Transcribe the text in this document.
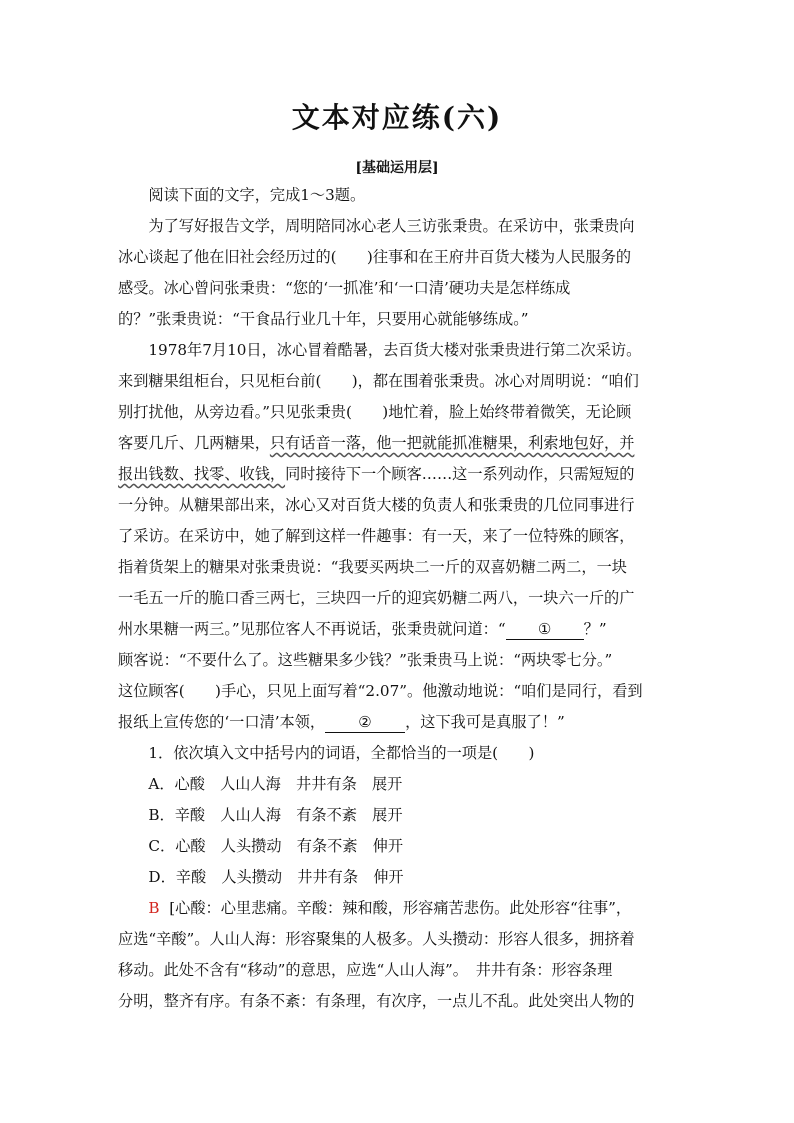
文本对应练(六)
[基础运用层]

阅读下面的文字，完成1～3题。

为了写好报告文学，周明陪同冰心老人三访张秉贵。在采访中，张秉贵向

冰心谈起了他在旧社会经历过的(　　)往事和在王府井百货大楼为人民服务的

感受。冰心曾问张秉贵：“您的‘一抓准’和‘一口清’硬功夫是怎样练成

的？”张秉贵说：“干食品行业几十年，只要用心就能够练成。”

1978年7月10日，冰心冒着酷暑，去百货大楼对张秉贵进行第二次采访。

来到糖果组柜台，只见柜台前(　　)，都在围着张秉贵。冰心对周明说：“咱们

别打扰他，从旁边看。”只见张秉贵(　　)地忙着，脸上始终带着微笑，无论顾

客要几斤、几两糖果，只有话音一落，他一把就能抓准糖果，利索地包好，并

报出钱数、找零、收钱，同时接待下一个顾客……这一系列动作，只需短短的

一分钟。从糖果部出来，冰心又对百货大楼的负责人和张秉贵的几位同事进行

了采访。在采访中，她了解到这样一件趣事：有一天，来了一位特殊的顾客，

指着货架上的糖果对张秉贵说：“我要买两块二一斤的双喜奶糖二两二，一块

一毛五一斤的脆口香三两七，三块四一斤的迎宾奶糖二两八，一块六一斤的广

州水果糖一两三。”见那位客人不再说话，张秉贵就问道：“ ① ？”

顾客说：“不要什么了。这些糖果多少钱？”张秉贵马上说：“两块零七分。”

这位顾客(　　)手心，只见上面写着“2.07”。他激动地说：“咱们是同行，看到

报纸上宣传您的‘一口清’本领， ② ，这下我可是真服了！”

1．依次填入文中括号内的词语，全都恰当的一项是(　　)

A．心酸　人山人海　井井有条　展开

B．辛酸　人山人海　有条不紊　展开

C．心酸　人头攒动　有条不紊　伸开

D．辛酸　人头攒动　井井有条　伸开

B [心酸：心里悲痛。辛酸：辣和酸，形容痛苦悲伤。此处形容“往事”，

应选“辛酸”。人山人海：形容聚集的人极多。人头攒动：形容人很多，拥挤着

移动。此处不含有“移动”的意思，应选“人山人海”。　井井有条：形容条理

分明，整齐有序。有条不紊：有条理，有次序，一点儿不乱。此处突出人物的
